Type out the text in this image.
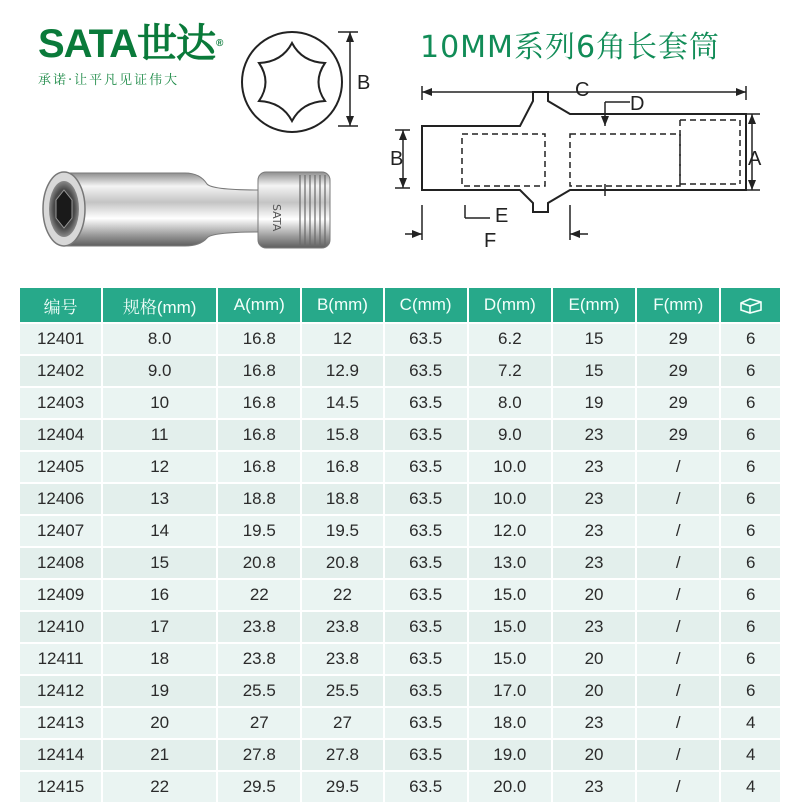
SATA世达®
承诺·让平凡见证伟大
10MM系列6角长套筒
SATA
B	C
D
B	A
E
F
编号	规格(mm)	A(mm)	B(mm)	C(mm)	D(mm)	E(mm)	F(mm)	
12401	8.0	16.8	12	63.5	6.2	15	29	6
12402	9.0	16.8	12.9	63.5	7.2	15	29	6
12403	10	16.8	14.5	63.5	8.0	19	29	6
12404	11	16.8	15.8	63.5	9.0	23	29	6
12405	12	16.8	16.8	63.5	10.0	23	/	6
12406	13	18.8	18.8	63.5	10.0	23	/	6
12407	14	19.5	19.5	63.5	12.0	23	/	6
12408	15	20.8	20.8	63.5	13.0	23	/	6
12409	16	22	22	63.5	15.0	20	/	6
12410	17	23.8	23.8	63.5	15.0	23	/	6
12411	18	23.8	23.8	63.5	15.0	20	/	6
12412	19	25.5	25.5	63.5	17.0	20	/	6
12413	20	27	27	63.5	18.0	23	/	4
12414	21	27.8	27.8	63.5	19.0	20	/	4
12415	22	29.5	29.5	63.5	20.0	23	/	4
